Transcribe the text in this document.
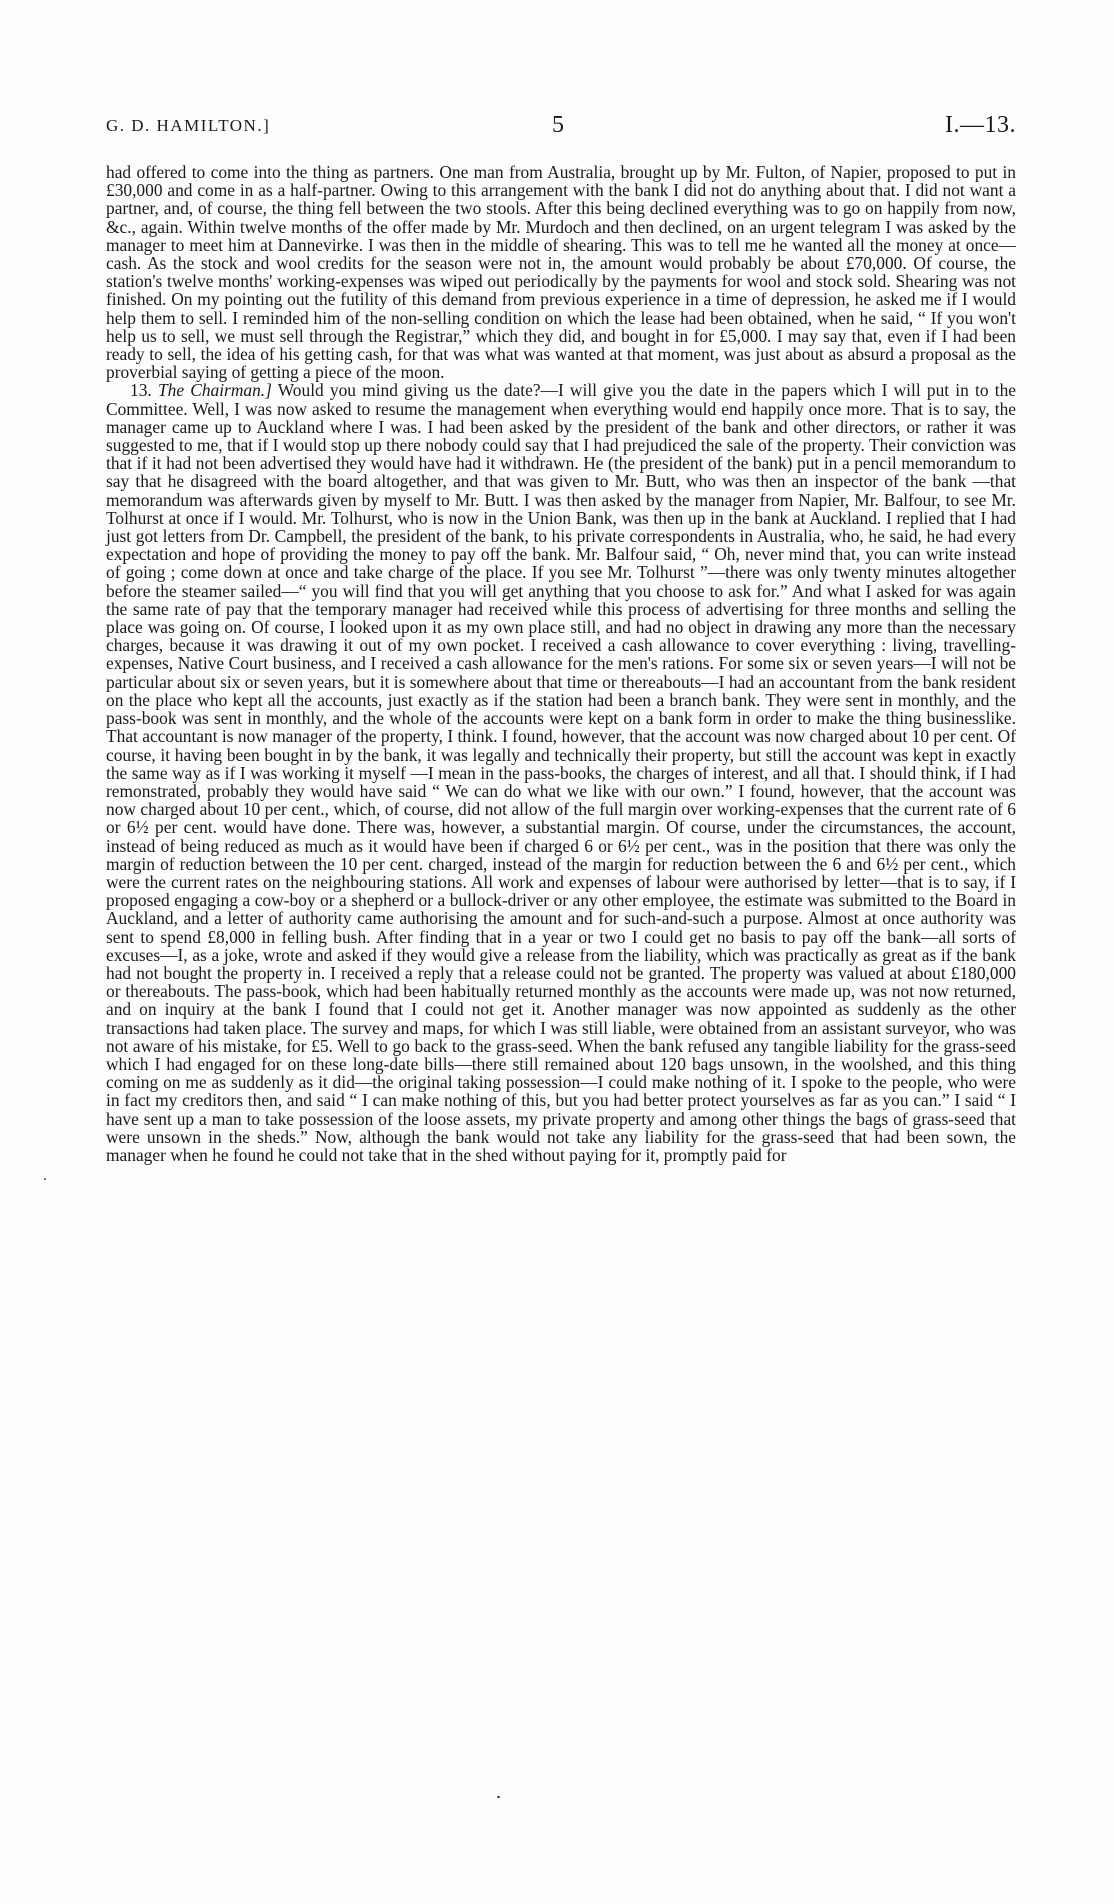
G. D. HAMILTON.]	5	I.—13.

had offered to come into the thing as partners. One man from Australia, brought up by Mr. Fulton, of Napier, proposed to put in £30,000 and come in as a half-partner. Owing to this arrangement with the bank I did not do anything about that. I did not want a partner, and, of course, the thing fell between the two stools. After this being declined everything was to go on happily from now, &c., again. Within twelve months of the offer made by Mr. Murdoch and then declined, on an urgent telegram I was asked by the manager to meet him at Dannevirke. I was then in the middle of shearing. This was to tell me he wanted all the money at once—cash. As the stock and wool credits for the season were not in, the amount would probably be about £70,000. Of course, the station's twelve months' working-expenses was wiped out periodically by the payments for wool and stock sold. Shearing was not finished. On my pointing out the futility of this demand from previous experience in a time of depression, he asked me if I would help them to sell. I reminded him of the non-selling condition on which the lease had been obtained, when he said, “ If you won't help us to sell, we must sell through the Registrar,” which they did, and bought in for £5,000. I may say that, even if I had been ready to sell, the idea of his getting cash, for that was what was wanted at that moment, was just about as absurd a proposal as the proverbial saying of getting a piece of the moon.

13. The Chairman.] Would you mind giving us the date?—I will give you the date in the papers which I will put in to the Committee. Well, I was now asked to resume the management when everything would end happily once more. That is to say, the manager came up to Auckland where I was. I had been asked by the president of the bank and other directors, or rather it was suggested to me, that if I would stop up there nobody could say that I had prejudiced the sale of the property. Their conviction was that if it had not been advertised they would have had it withdrawn. He (the president of the bank) put in a pencil memorandum to say that he disagreed with the board altogether, and that was given to Mr. Butt, who was then an inspector of the bank —that memorandum was afterwards given by myself to Mr. Butt. I was then asked by the manager from Napier, Mr. Balfour, to see Mr. Tolhurst at once if I would. Mr. Tolhurst, who is now in the Union Bank, was then up in the bank at Auckland. I replied that I had just got letters from Dr. Campbell, the president of the bank, to his private correspondents in Australia, who, he said, he had every expectation and hope of providing the money to pay off the bank. Mr. Balfour said, “ Oh, never mind that, you can write instead of going ; come down at once and take charge of the place. If you see Mr. Tolhurst ”—there was only twenty minutes altogether before the steamer sailed—“ you will find that you will get anything that you choose to ask for.” And what I asked for was again the same rate of pay that the temporary manager had received while this process of advertising for three months and selling the place was going on. Of course, I looked upon it as my own place still, and had no object in drawing any more than the necessary charges, because it was drawing it out of my own pocket. I received a cash allowance to cover everything : living, travelling-expenses, Native Court business, and I received a cash allowance for the men's rations. For some six or seven years—I will not be particular about six or seven years, but it is somewhere about that time or thereabouts—I had an accountant from the bank resident on the place who kept all the accounts, just exactly as if the station had been a branch bank. They were sent in monthly, and the pass-book was sent in monthly, and the whole of the accounts were kept on a bank form in order to make the thing businesslike. That accountant is now manager of the property, I think. I found, however, that the account was now charged about 10 per cent. Of course, it having been bought in by the bank, it was legally and technically their property, but still the account was kept in exactly the same way as if I was working it myself —I mean in the pass-books, the charges of interest, and all that. I should think, if I had remonstrated, probably they would have said “ We can do what we like with our own.” I found, however, that the account was now charged about 10 per cent., which, of course, did not allow of the full margin over working-expenses that the current rate of 6 or 6½ per cent. would have done. There was, however, a substantial margin. Of course, under the circumstances, the account, instead of being reduced as much as it would have been if charged 6 or 6½ per cent., was in the position that there was only the margin of reduction between the 10 per cent. charged, instead of the margin for reduction between the 6 and 6½ per cent., which were the current rates on the neighbouring stations. All work and expenses of labour were authorised by letter—that is to say, if I proposed engaging a cow-boy or a shepherd or a bullock-driver or any other employee, the estimate was submitted to the Board in Auckland, and a letter of authority came authorising the amount and for such-and-such a purpose. Almost at once authority was sent to spend £8,000 in felling bush. After finding that in a year or two I could get no basis to pay off the bank—all sorts of excuses—I, as a joke, wrote and asked if they would give a release from the liability, which was practically as great as if the bank had not bought the property in. I received a reply that a release could not be granted. The property was valued at about £180,000 or thereabouts. The pass-book, which had been habitually returned monthly as the accounts were made up, was not now returned, and on inquiry at the bank I found that I could not get it. Another manager was now appointed as suddenly as the other transactions had taken place. The survey and maps, for which I was still liable, were obtained from an assistant surveyor, who was not aware of his mistake, for £5. Well to go back to the grass-seed. When the bank refused any tangible liability for the grass-seed which I had engaged for on these long-date bills—there still remained about 120 bags unsown, in the woolshed, and this thing coming on me as suddenly as it did—the original taking possession—I could make nothing of it. I spoke to the people, who were in fact my creditors then, and said “ I can make nothing of this, but you had better protect yourselves as far as you can.” I said “ I have sent up a man to take possession of the loose assets, my private property and among other things the bags of grass-seed that were unsown in the sheds.” Now, although the bank would not take any liability for the grass-seed that had been sown, the manager when he found he could not take that in the shed without paying for it, promptly paid for
